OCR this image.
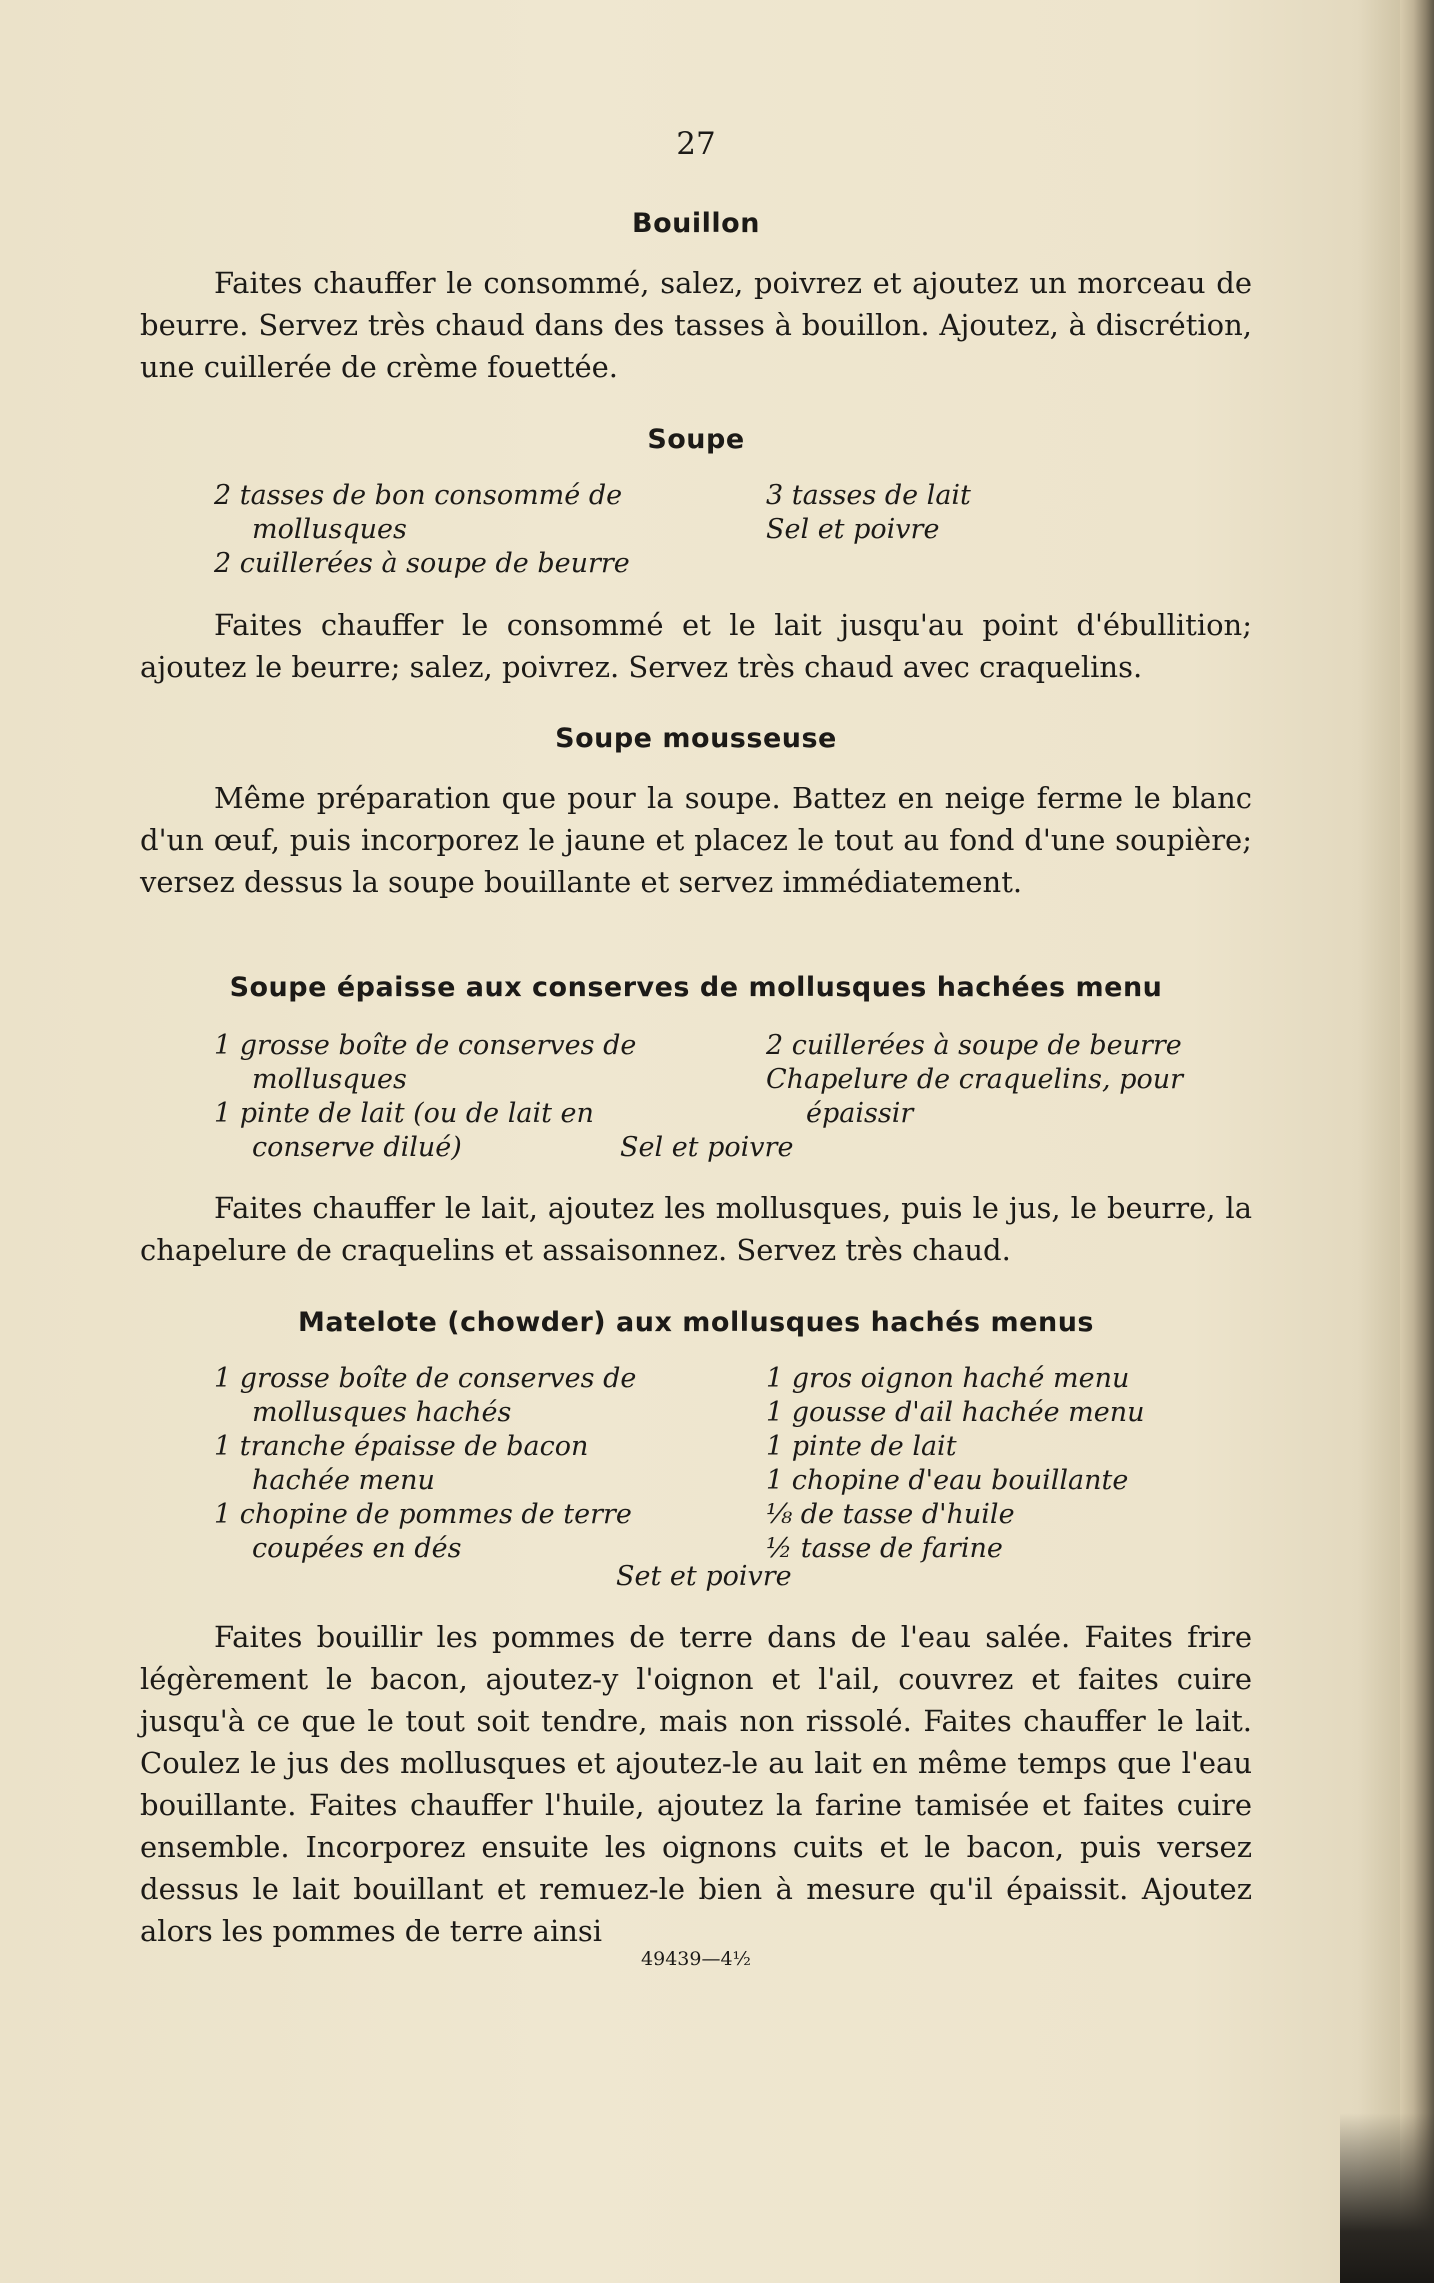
27
Bouillon

Faites chauffer le consommé, salez, poivrez et ajoutez un morceau de beurre. Servez très chaud dans des tasses à bouillon. Ajoutez, à discrétion, une cuillerée de crème fouettée.

Soupe
2 tasses de bon consommé de
mollusques
2 cuillerées à soupe de beurre
3 tasses de lait
Sel et poivre

Faites chauffer le consommé et le lait jusqu'au point d'ébullition; ajoutez le beurre; salez, poivrez. Servez très chaud avec craquelins.

Soupe mousseuse

Même préparation que pour la soupe. Battez en neige ferme le blanc d'un œuf, puis incorporez le jaune et placez le tout au fond d'une soupière; versez dessus la soupe bouillante et servez immédiatement.

Soupe épaisse aux conserves de mollusques hachées menu
1 grosse boîte de conserves de
mollusques
1 pinte de lait (ou de lait en
conserve dilué)
2 cuillerées à soupe de beurre
Chapelure de craquelins, pour
épaissir
Sel et poivre

Faites chauffer le lait, ajoutez les mollusques, puis le jus, le beurre, la chapelure de craquelins et assaisonnez. Servez très chaud.

Matelote (chowder) aux mollusques hachés menus
1 grosse boîte de conserves de
mollusques hachés
1 tranche épaisse de bacon
hachée menu
1 chopine de pommes de terre
coupées en dés
1 gros oignon haché menu
1 gousse d'ail hachée menu
1 pinte de lait
1 chopine d'eau bouillante
⅛ de tasse d'huile
½ tasse de farine
Set et poivre

Faites bouillir les pommes de terre dans de l'eau salée. Faites frire légèrement le bacon, ajoutez-y l'oignon et l'ail, couvrez et faites cuire jusqu'à ce que le tout soit tendre, mais non rissolé. Faites chauffer le lait. Coulez le jus des mollusques et ajoutez-le au lait en même temps que l'eau bouillante. Faites chauffer l'huile, ajoutez la farine tamisée et faites cuire ensemble. Incorporez ensuite les oignons cuits et le bacon, puis versez dessus le lait bouillant et remuez-le bien à mesure qu'il épaissit. Ajoutez alors les pommes de terre ainsi

49439—4½
